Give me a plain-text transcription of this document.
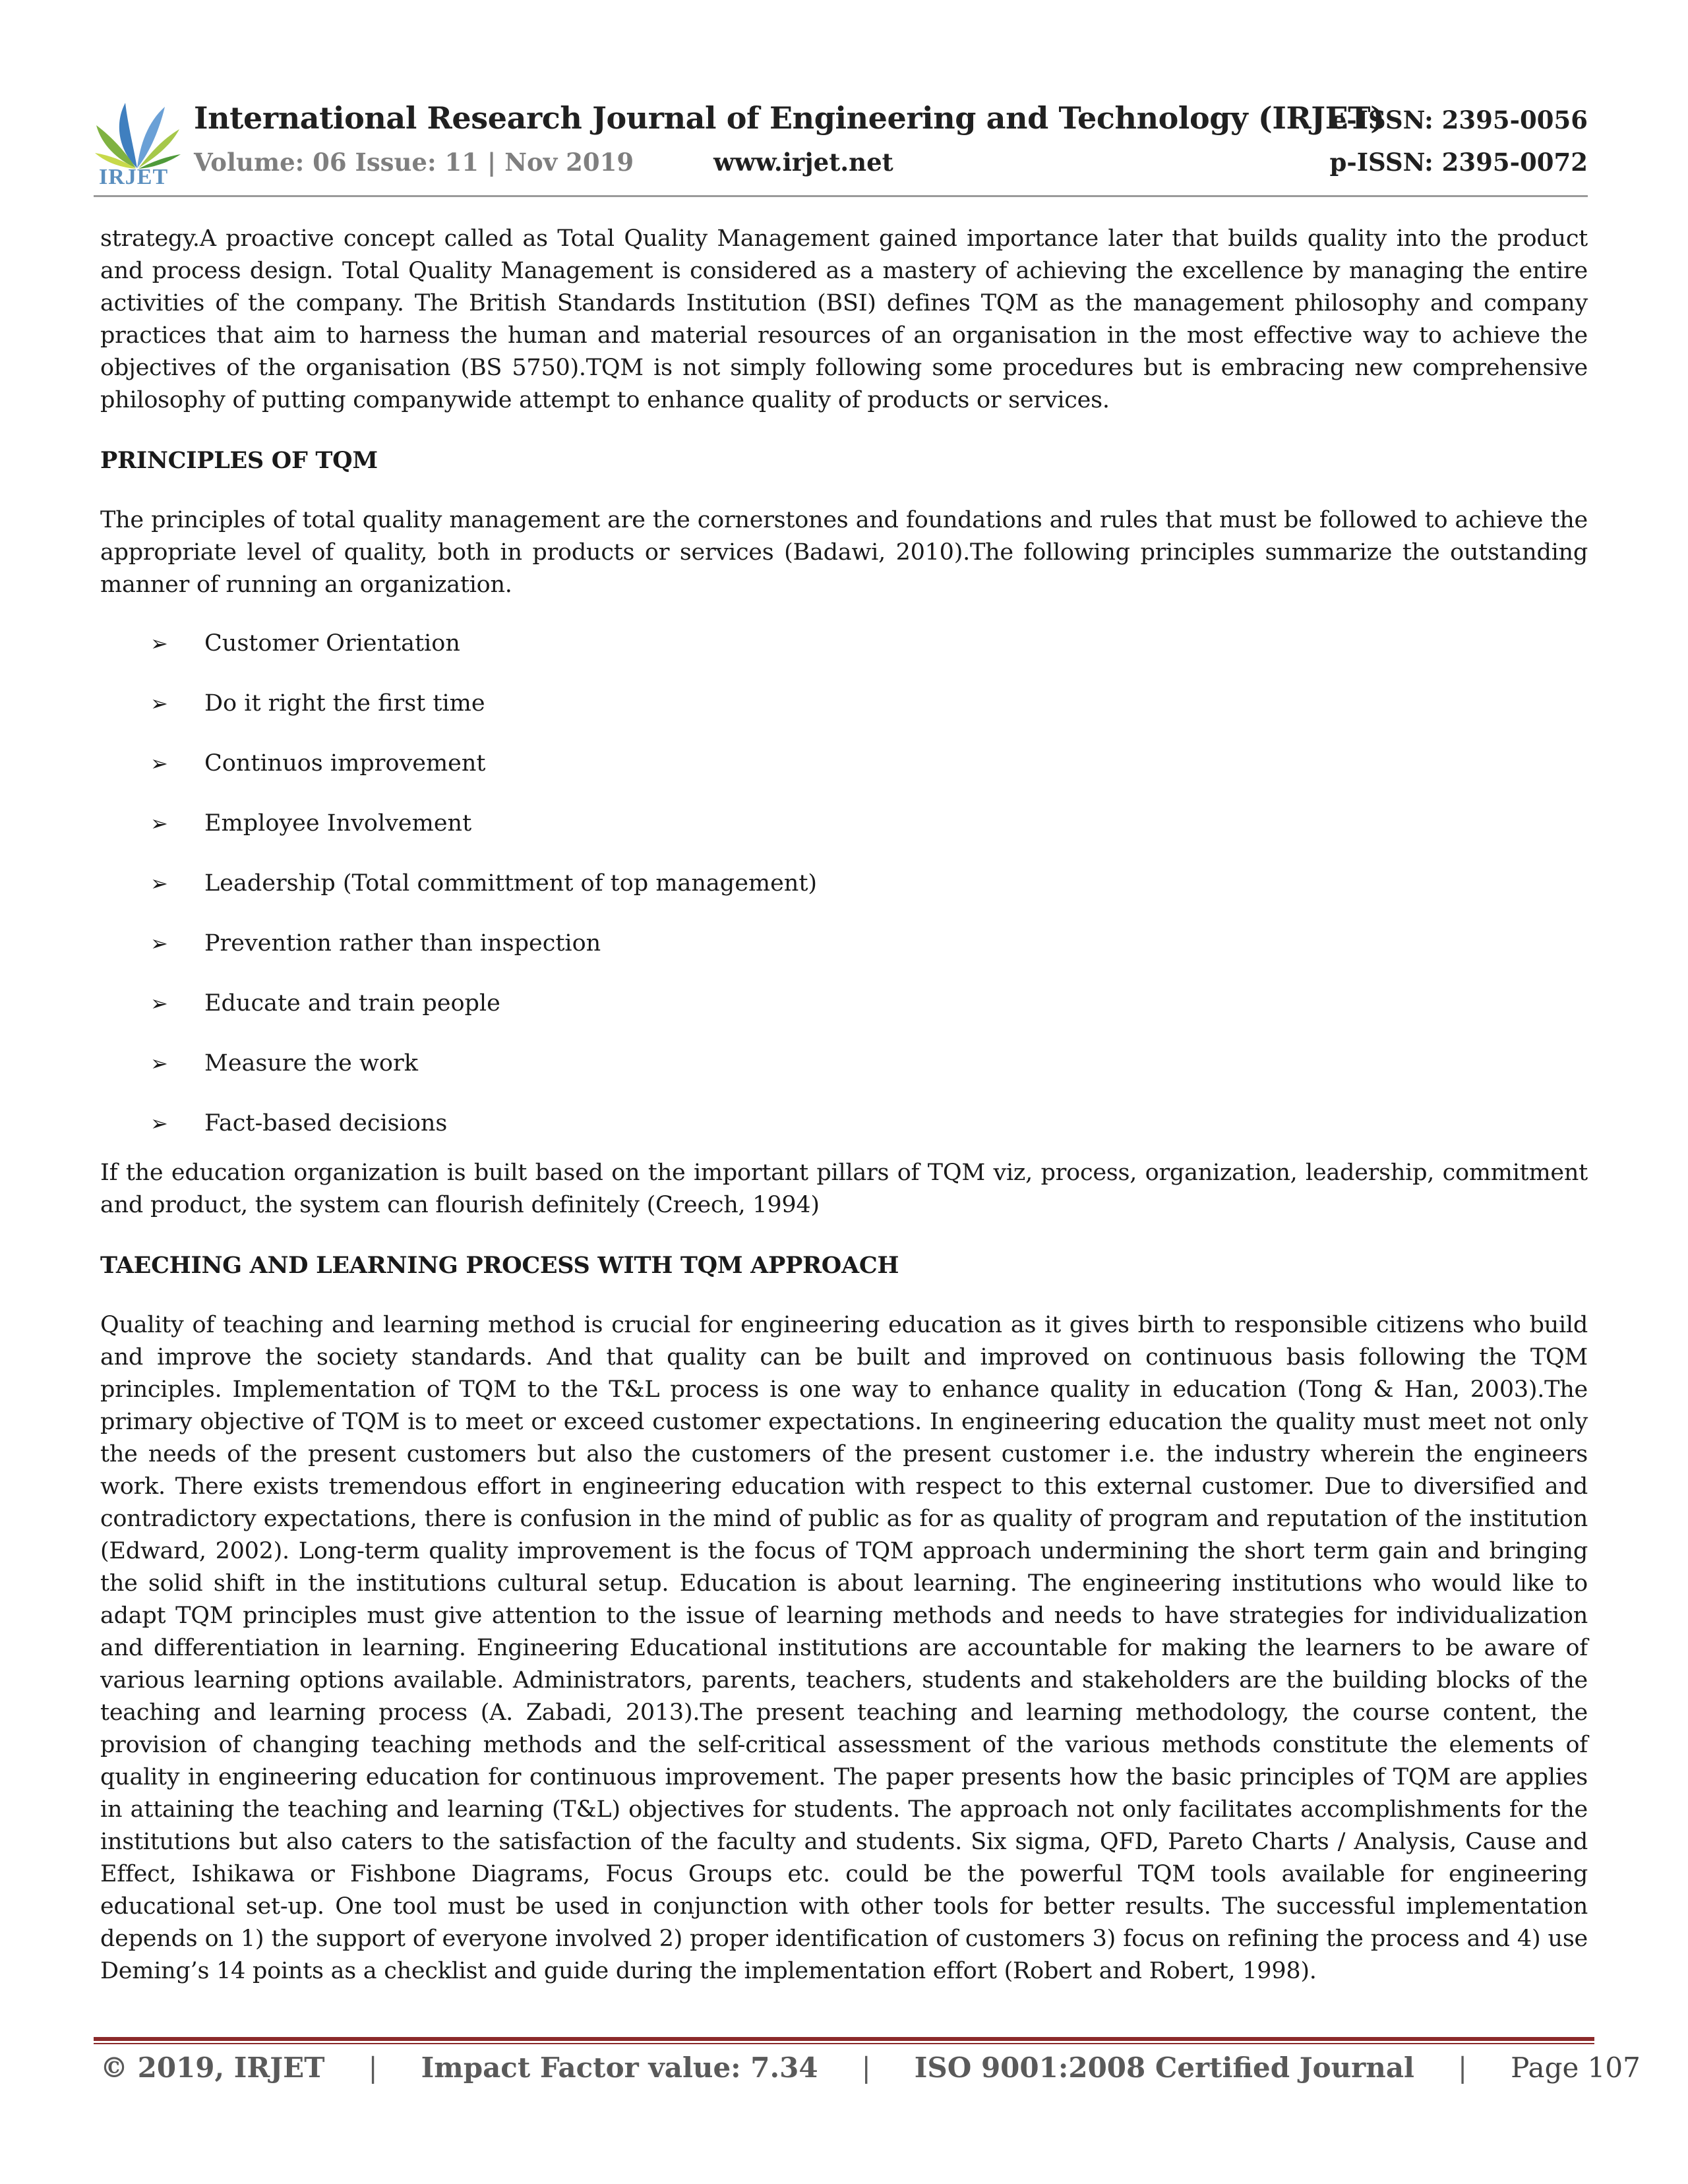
IRJET
International Research Journal of Engineering and Technology (IRJET)
Volume: 06 Issue: 11 | Nov 2019	www.irjet.net
e-ISSN: 2395-0056
p-ISSN: 2395-0072

strategy.A proactive concept called as Total Quality Management gained importance later that builds quality into the product and process design. Total Quality Management is considered as a mastery of achieving the excellence by managing the entire activities of the company. The British Standards Institution (BSI) defines TQM as the management philosophy and company practices that aim to harness the human and material resources of an organisation in the most effective way to achieve the objectives of the organisation (BS 5750).TQM is not simply following some procedures but is embracing new comprehensive philosophy of putting companywide attempt to enhance quality of products or services.

PRINCIPLES OF TQM

The principles of total quality management are the cornerstones and foundations and rules that must be followed to achieve the appropriate level of quality, both in products or services (Badawi, 2010).The following principles summarize the outstanding manner of running an organization.

➢	Customer Orientation
➢	Do it right the first time
➢	Continuos improvement
➢	Employee Involvement
➢	Leadership (Total committment of top management)
➢	Prevention rather than inspection
➢	Educate and train people
➢	Measure the work
➢	Fact-based decisions

If the education organization is built based on the important pillars of TQM viz, process, organization, leadership, commitment and product, the system can flourish definitely (Creech, 1994)

TAECHING AND LEARNING PROCESS WITH TQM APPROACH

Quality of teaching and learning method is crucial for engineering education as it gives birth to responsible citizens who build and improve the society standards. And that quality can be built and improved on continuous basis following the TQM principles. Implementation of TQM to the T&L process is one way to enhance quality in education (Tong & Han, 2003).The primary objective of TQM is to meet or exceed customer expectations. In engineering education the quality must meet not only the needs of the present customers but also the customers of the present customer i.e. the industry wherein the engineers work. There exists tremendous effort in engineering education with respect to this external customer. Due to diversified and contradictory expectations, there is confusion in the mind of public as for as quality of program and reputation of the institution (Edward, 2002). Long-term quality improvement is the focus of TQM approach undermining the short term gain and bringing the solid shift in the institutions cultural setup. Education is about learning. The engineering institutions who would like to adapt TQM principles must give attention to the issue of learning methods and needs to have strategies for individualization and differentiation in learning. Engineering Educational institutions are accountable for making the learners to be aware of various learning options available. Administrators, parents, teachers, students and stakeholders are the building blocks of the teaching and learning process (A. Zabadi, 2013).The present teaching and learning methodology, the course content, the provision of changing teaching methods and the self-critical assessment of the various methods constitute the elements of quality in engineering education for continuous improvement. The paper presents how the basic principles of TQM are applies in attaining the teaching and learning (T&L) objectives for students. The approach not only facilitates accomplishments for the institutions but also caters to the satisfaction of the faculty and students. Six sigma, QFD, Pareto Charts / Analysis, Cause and Effect, Ishikawa or Fishbone Diagrams, Focus Groups etc. could be the powerful TQM tools available for engineering educational set-up. One tool must be used in conjunction with other tools for better results. The successful implementation depends on 1) the support of everyone involved 2) proper identification of customers 3) focus on refining the process and 4) use Deming’s 14 points as a checklist and guide during the implementation effort (Robert and Robert, 1998).

© 2019, IRJET | Impact Factor value: 7.34 | ISO 9001:2008 Certified Journal | Page 107
